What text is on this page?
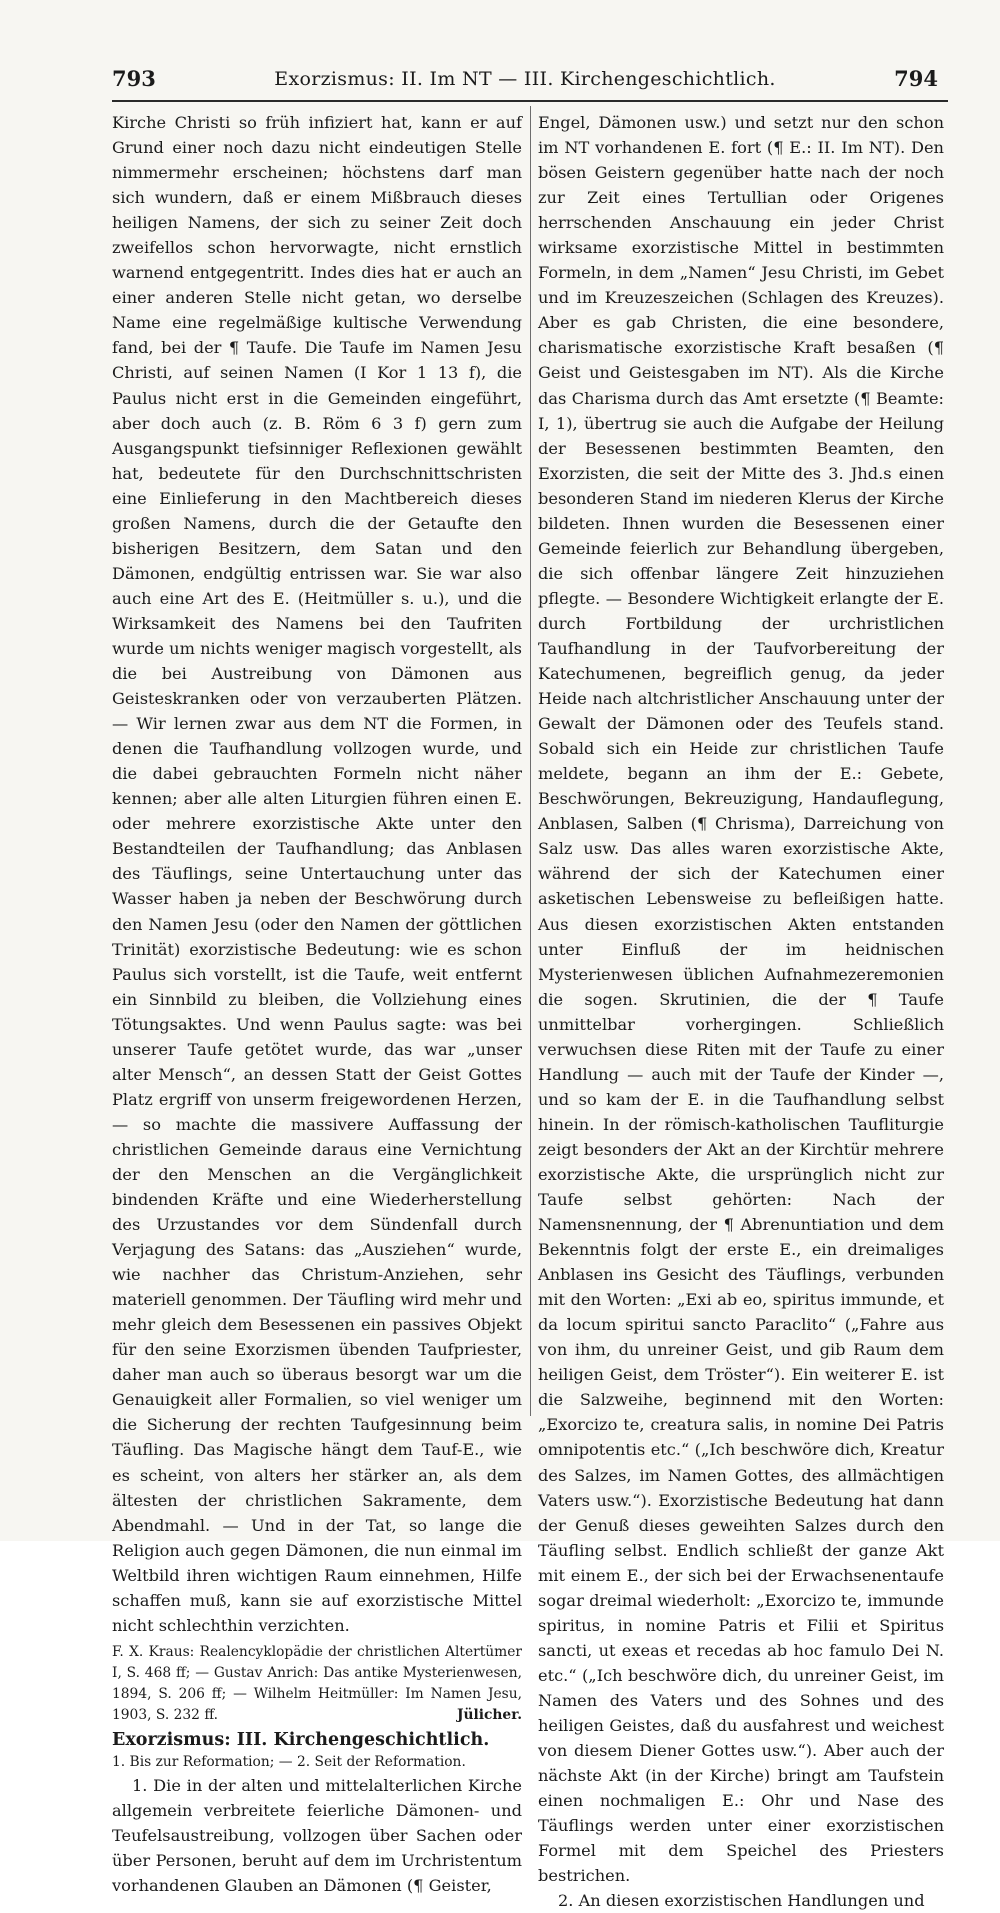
793	Exorzismus: II. Im NT — III. Kirchengeschichtlich.	794

Kirche Christi so früh infiziert hat, kann er auf Grund einer noch dazu nicht eindeutigen Stelle nimmermehr erscheinen; höchstens darf man sich wundern, daß er einem Mißbrauch dieses heiligen Namens, der sich zu seiner Zeit doch zweifellos schon hervorwagte, nicht ernstlich warnend entgegentritt. Indes dies hat er auch an einer anderen Stelle nicht getan, wo derselbe Name eine regelmäßige kultische Verwendung fand, bei der ¶ Taufe. Die Taufe im Namen Jesu Christi, auf seinen Namen (I Kor 1 13 f), die Paulus nicht erst in die Gemeinden eingeführt, aber doch auch (z. B. Röm 6 3 f) gern zum Ausgangspunkt tiefsinniger Reflexionen gewählt hat, bedeutete für den Durchschnittschristen eine Einlieferung in den Machtbereich dieses großen Namens, durch die der Getaufte den bisherigen Besitzern, dem Satan und den Dämonen, endgültig entrissen war. Sie war also auch eine Art des E. (Heitmüller s. u.), und die Wirksamkeit des Namens bei den Taufriten wurde um nichts weniger magisch vorgestellt, als die bei Austreibung von Dämonen aus Geisteskranken oder von verzauberten Plätzen. — Wir lernen zwar aus dem NT die Formen, in denen die Taufhandlung vollzogen wurde, und die dabei gebrauchten Formeln nicht näher kennen; aber alle alten Liturgien führen einen E. oder mehrere exorzistische Akte unter den Bestandteilen der Taufhandlung; das Anblasen des Täuflings, seine Untertauchung unter das Wasser haben ja neben der Beschwörung durch den Namen Jesu (oder den Namen der göttlichen Trinität) exorzistische Bedeutung: wie es schon Paulus sich vorstellt, ist die Taufe, weit entfernt ein Sinnbild zu bleiben, die Vollziehung eines Tötungsaktes. Und wenn Paulus sagte: was bei unserer Taufe getötet wurde, das war „unser alter Mensch“, an dessen Statt der Geist Gottes Platz ergriff von unserm freigewordenen Herzen, — so machte die massivere Auffassung der christlichen Gemeinde daraus eine Vernichtung der den Menschen an die Vergänglichkeit bindenden Kräfte und eine Wiederherstellung des Urzustandes vor dem Sündenfall durch Verjagung des Satans: das „Ausziehen“ wurde, wie nachher das Christum-Anziehen, sehr materiell genommen. Der Täufling wird mehr und mehr gleich dem Besessenen ein passives Objekt für den seine Exorzismen übenden Taufpriester, daher man auch so überaus besorgt war um die Genauigkeit aller Formalien, so viel weniger um die Sicherung der rechten Taufgesinnung beim Täufling. Das Magische hängt dem Tauf-E., wie es scheint, von alters her stärker an, als dem ältesten der christlichen Sakramente, dem Abendmahl. — Und in der Tat, so lange die Religion auch gegen Dämonen, die nun einmal im Weltbild ihren wichtigen Raum einnehmen, Hilfe schaffen muß, kann sie auf exorzistische Mittel nicht schlechthin verzichten.

F. X. Kraus: Realencyklopädie der christlichen Altertümer I, S. 468 ff; — Gustav Anrich: Das antike Mysterienwesen, 1894, S. 206 ff; — Wilhelm Heitmüller: Im Namen Jesu, 1903, S. 232 ff.	Jülicher.

Exorzismus: III. Kirchengeschichtlich.

1. Bis zur Reformation; — 2. Seit der Reformation.

1. Die in der alten und mittelalterlichen Kirche allgemein verbreitete feierliche Dämonen- und Teufelsaustreibung, vollzogen über Sachen oder über Personen, beruht auf dem im Urchristentum vorhandenen Glauben an Dämonen (¶ Geister,

Engel, Dämonen usw.) und setzt nur den schon im NT vorhandenen E. fort (¶ E.: II. Im NT). Den bösen Geistern gegenüber hatte nach der noch zur Zeit eines Tertullian oder Origenes herrschenden Anschauung ein jeder Christ wirksame exorzistische Mittel in bestimmten Formeln, in dem „Namen“ Jesu Christi, im Gebet und im Kreuzeszeichen (Schlagen des Kreuzes). Aber es gab Christen, die eine besondere, charismatische exorzistische Kraft besaßen (¶ Geist und Geistesgaben im NT). Als die Kirche das Charisma durch das Amt ersetzte (¶ Beamte: I, 1), übertrug sie auch die Aufgabe der Heilung der Besessenen bestimmten Beamten, den Exorzisten, die seit der Mitte des 3. Jhd.s einen besonderen Stand im niederen Klerus der Kirche bildeten. Ihnen wurden die Besessenen einer Gemeinde feierlich zur Behandlung übergeben, die sich offenbar längere Zeit hinzuziehen pflegte. — Besondere Wichtigkeit erlangte der E. durch Fortbildung der urchristlichen Taufhandlung in der Taufvorbereitung der Katechumenen, begreiflich genug, da jeder Heide nach altchristlicher Anschauung unter der Gewalt der Dämonen oder des Teufels stand. Sobald sich ein Heide zur christlichen Taufe meldete, begann an ihm der E.: Gebete, Beschwörungen, Bekreuzigung, Handauflegung, Anblasen, Salben (¶ Chrisma), Darreichung von Salz usw. Das alles waren exorzistische Akte, während der sich der Katechumen einer asketischen Lebensweise zu befleißigen hatte. Aus diesen exorzistischen Akten entstanden unter Einfluß der im heidnischen Mysterienwesen üblichen Aufnahmezeremonien die sogen. Skrutinien, die der ¶ Taufe unmittelbar vorhergingen. Schließlich verwuchsen diese Riten mit der Taufe zu einer Handlung — auch mit der Taufe der Kinder —, und so kam der E. in die Taufhandlung selbst hinein. In der römisch-katholischen Taufliturgie zeigt besonders der Akt an der Kirchtür mehrere exorzistische Akte, die ursprünglich nicht zur Taufe selbst gehörten: Nach der Namensnennung, der ¶ Abrenuntiation und dem Bekenntnis folgt der erste E., ein dreimaliges Anblasen ins Gesicht des Täuflings, verbunden mit den Worten: „Exi ab eo, spiritus immunde, et da locum spiritui sancto Paraclito“ („Fahre aus von ihm, du unreiner Geist, und gib Raum dem heiligen Geist, dem Tröster“). Ein weiterer E. ist die Salzweihe, beginnend mit den Worten: „Exorcizo te, creatura salis, in nomine Dei Patris omnipotentis etc.“ („Ich beschwöre dich, Kreatur des Salzes, im Namen Gottes, des allmächtigen Vaters usw.“). Exorzistische Bedeutung hat dann der Genuß dieses geweihten Salzes durch den Täufling selbst. Endlich schließt der ganze Akt mit einem E., der sich bei der Erwachsenentaufe sogar dreimal wiederholt: „Exorcizo te, immunde spiritus, in nomine Patris et Filii et Spiritus sancti, ut exeas et recedas ab hoc famulo Dei N. etc.“ („Ich beschwöre dich, du unreiner Geist, im Namen des Vaters und des Sohnes und des heiligen Geistes, daß du ausfahrest und weichest von diesem Diener Gottes usw.“). Aber auch der nächste Akt (in der Kirche) bringt am Taufstein einen nochmaligen E.: Ohr und Nase des Täuflings werden unter einer exorzistischen Formel mit dem Speichel des Priesters bestrichen.

2. An diesen exorzistischen Handlungen und
